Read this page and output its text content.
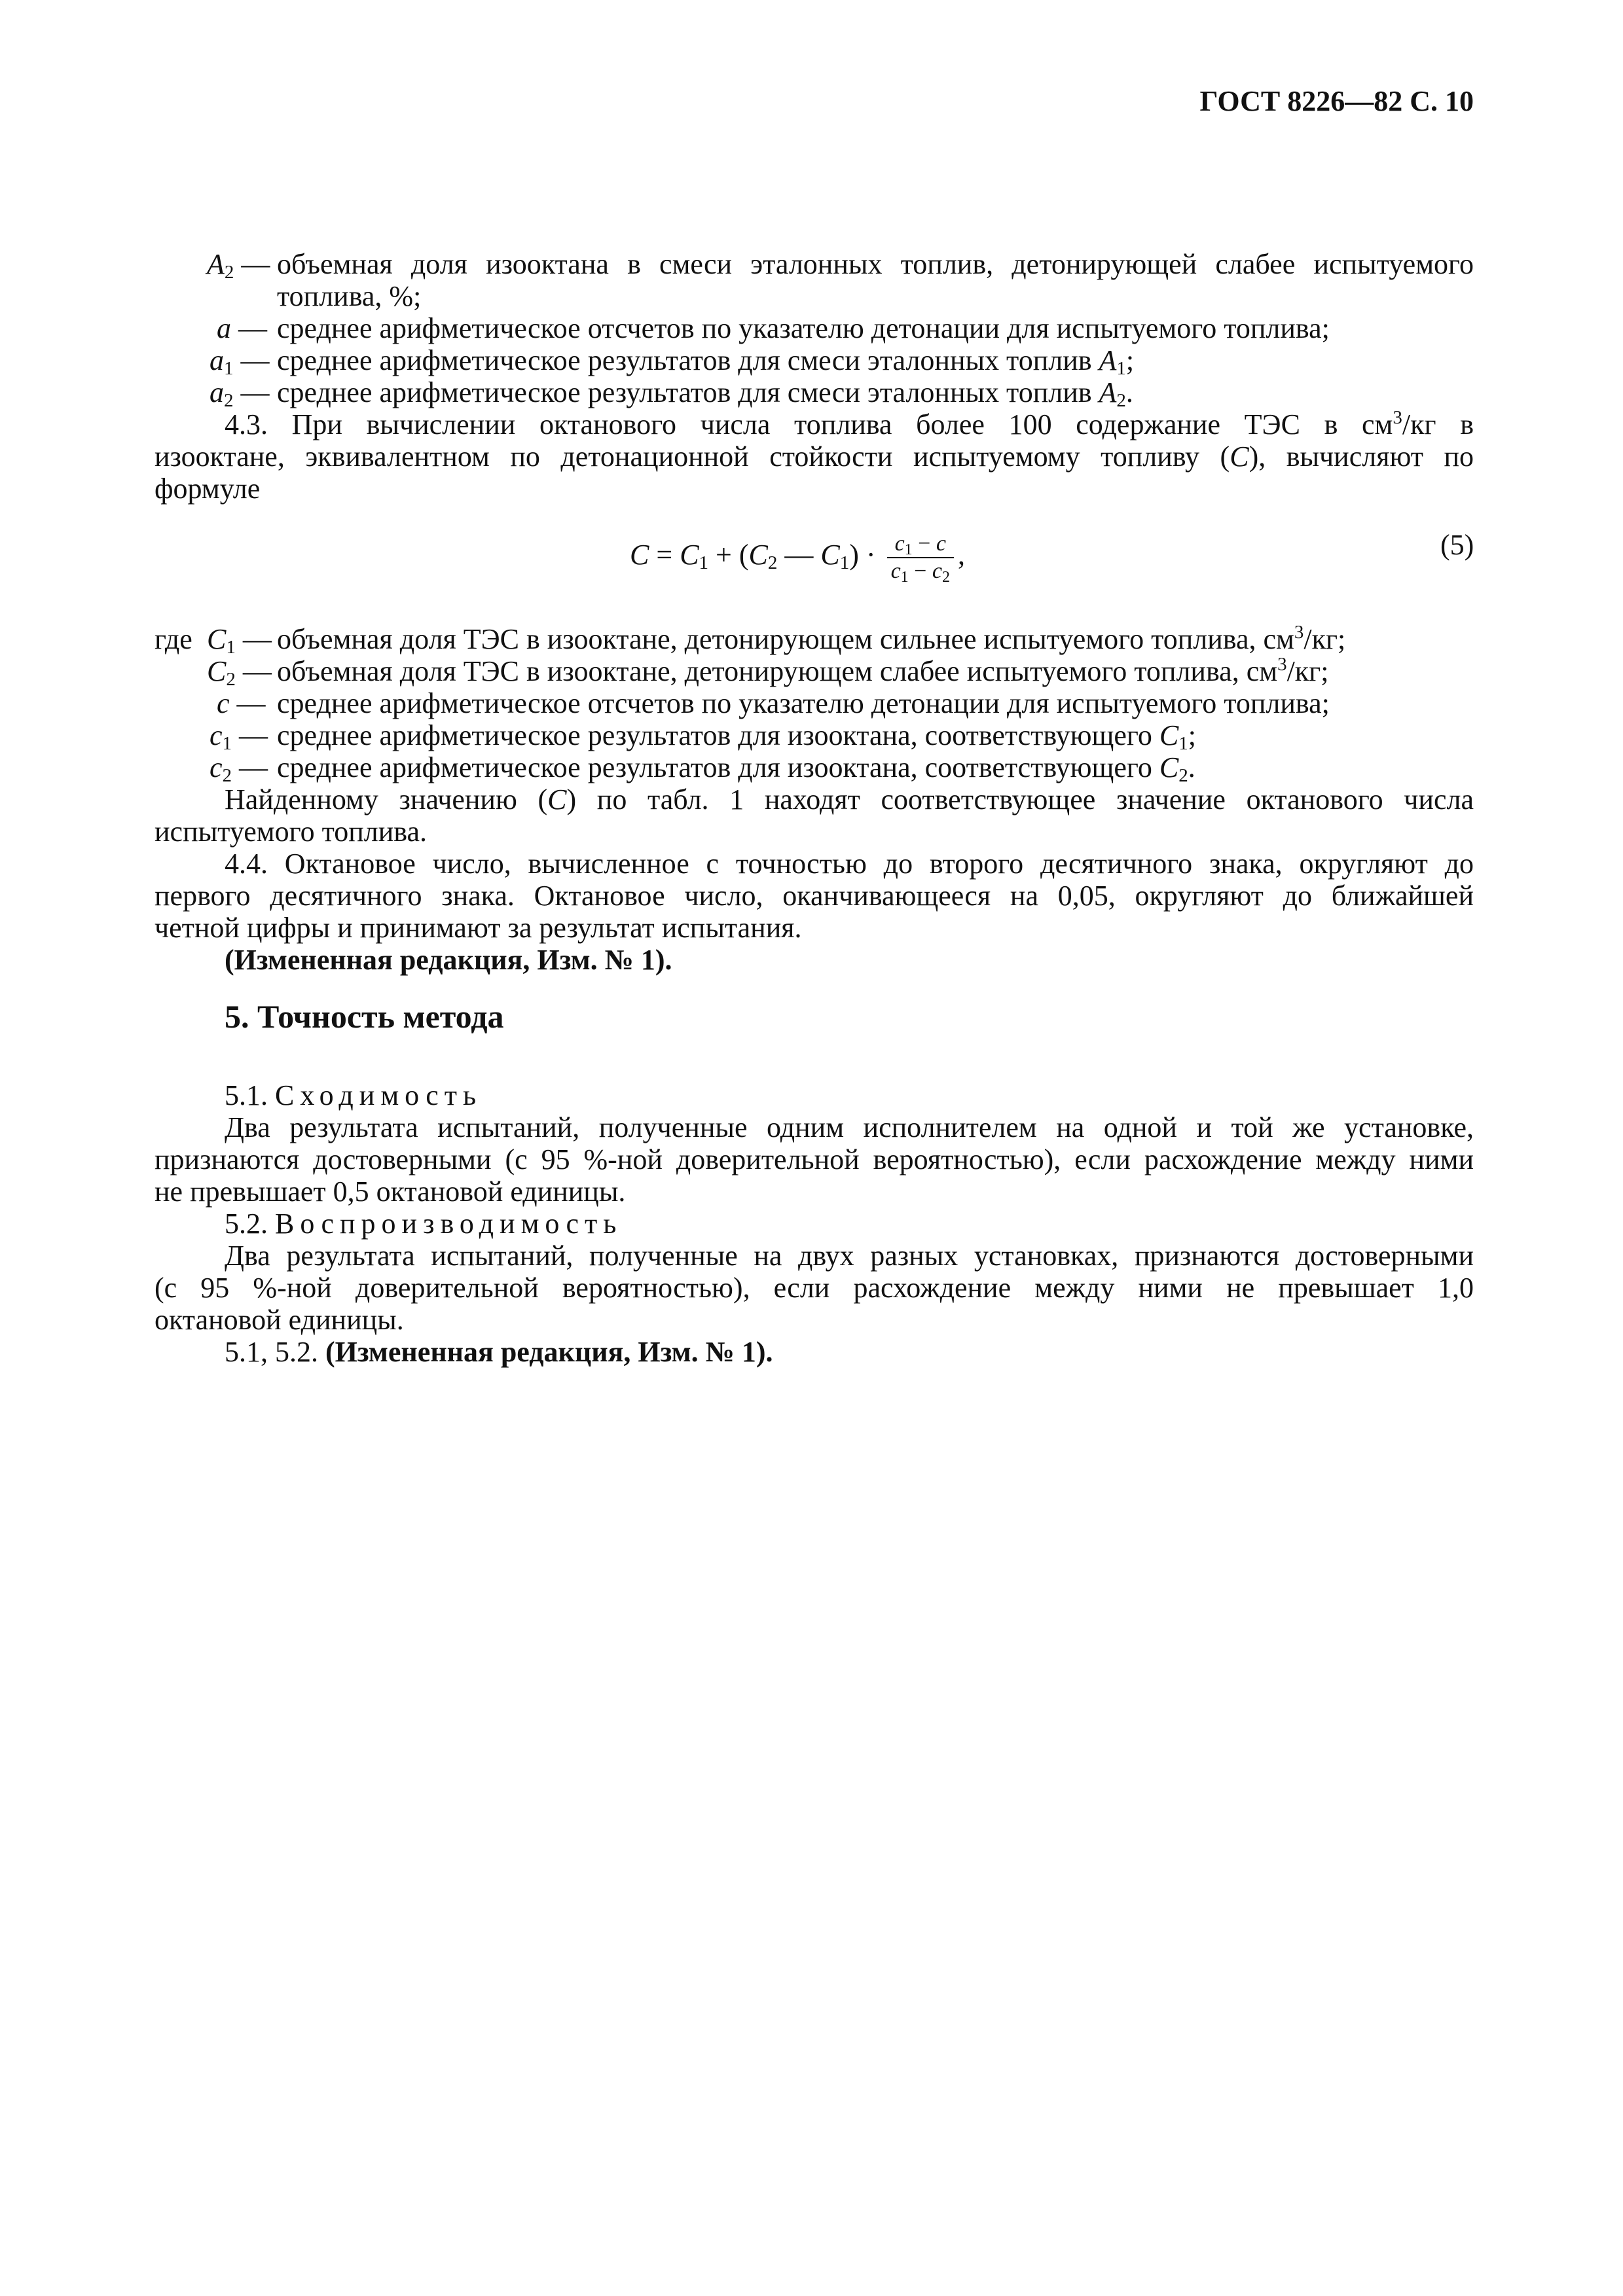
ГОСТ 8226—82 С. 10
$A_2$ — объемная доля изооктана в смеси эталонных топлив, детонирующей слабее испытуемого
топлива, %;
a — среднее арифметическое отсчетов по указателю детонации для испытуемого топлива;
$a_1$ — среднее арифметическое результатов для смеси эталонных топлив $A_1$;
$a_2$ — среднее арифметическое результатов для смеси эталонных топлив $A_2$.
4.3. При вычислении октанового числа топлива более 100 содержание ТЭС в $см^3/кг$ в
изооктане, эквивалентном по детонационной стойкости испытуемому топливу (C), вычисляют по
формуле
$C = C_1 + (C_2$ — $C_1) \cdot \frac{c_1 - c}{c_1 - c_2}$ ,	(5)
где $C_1$ — объемная доля ТЭС в изооктане, детонирующем сильнее испытуемого топлива, $см^3/кг$;
$C_2$ — объемная доля ТЭС в изооктане, детонирующем слабее испытуемого топлива, $см^3/кг$;
c — среднее арифметическое отсчетов по указателю детонации для испытуемого топлива;
$c_1$ — среднее арифметическое результатов для изооктана, соответствующего $C_1$;
$c_2$ — среднее арифметическое результатов для изооктана, соответствующего $C_2$.
Найденному значению (C) по табл. 1 находят соответствующее значение октанового числа
испытуемого топлива.
4.4. Октановое число, вычисленное с точностью до второго десятичного знака, округляют до
первого десятичного знака. Октановое число, оканчивающееся на 0,05, округляют до ближайшей
четной цифры и принимают за результат испытания.
(Измененная редакция, Изм. № 1).
5. Точность метода
5.1. Сходимость
Два результата испытаний, полученные одним исполнителем на одной и той же установке,
признаются достоверными (с 95 %-ной доверительной вероятностью), если расхождение между ними
не превышает 0,5 октановой единицы.
5.2. Воспроизводимость
Два результата испытаний, полученные на двух разных установках, признаются достоверными
(с 95 %-ной доверительной вероятностью), если расхождение между ними не превышает 1,0
октановой единицы.
5.1, 5.2. (Измененная редакция, Изм. № 1).
